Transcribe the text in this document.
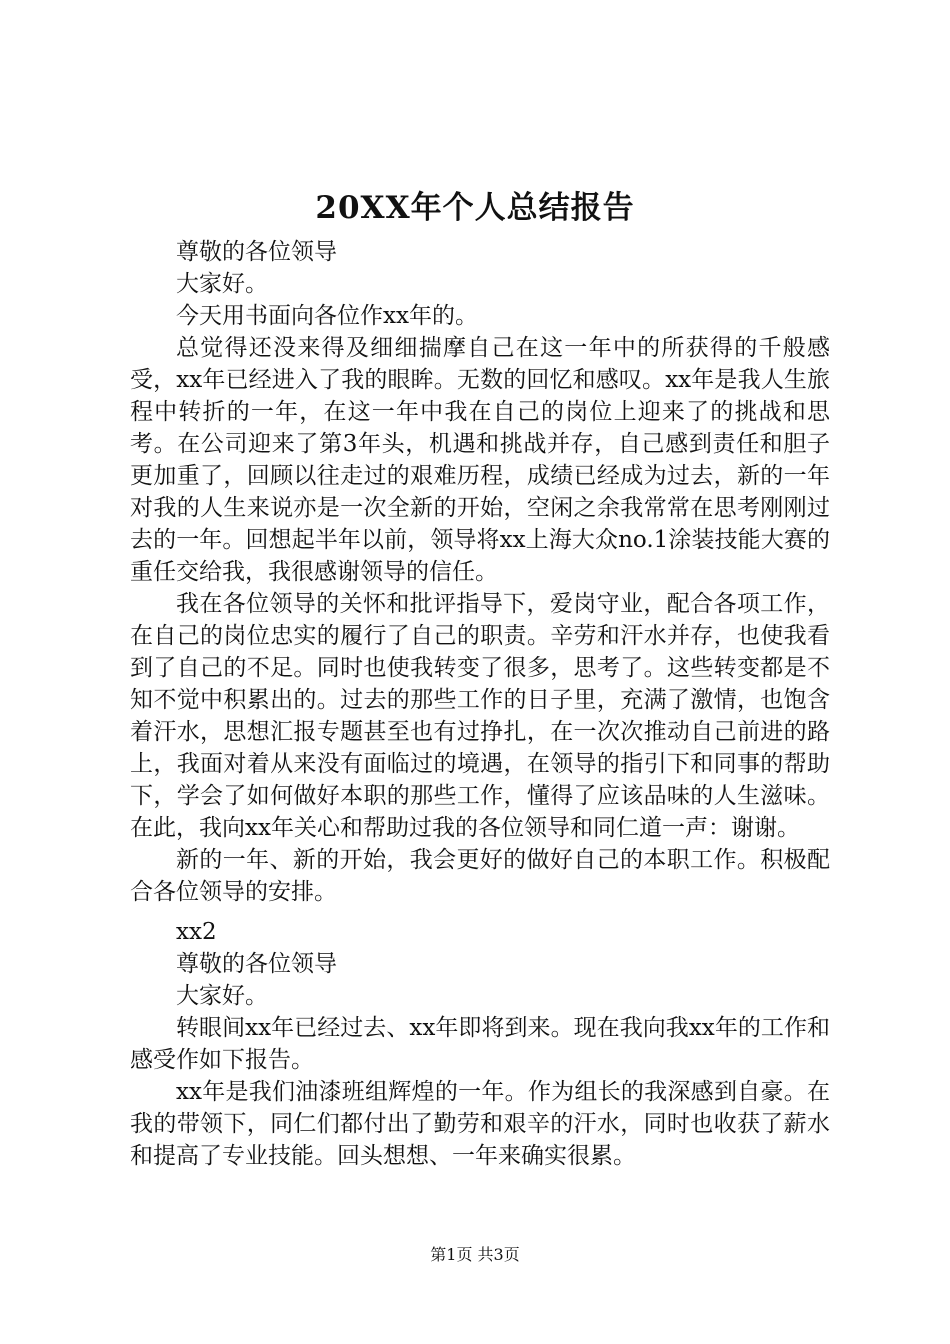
20XX年个人总结报告

尊敬的各位领导

大家好。

今天用书面向各位作xx年的。

总觉得还没来得及细细揣摩自己在这一年中的所获得的千般感受，xx年已经进入了我的眼眸。无数的回忆和感叹。xx年是我人生旅程中转折的一年，在这一年中我在自己的岗位上迎来了的挑战和思考。在公司迎来了第3年头，机遇和挑战并存，自己感到责任和胆子更加重了，回顾以往走过的艰难历程，成绩已经成为过去，新的一年对我的人生来说亦是一次全新的开始，空闲之余我常常在思考刚刚过去的一年。回想起半年以前，领导将xx上海大众no.1涂装技能大赛的重任交给我，我很感谢领导的信任。

我在各位领导的关怀和批评指导下，爱岗守业，配合各项工作，在自己的岗位忠实的履行了自己的职责。辛劳和汗水并存，也使我看到了自己的不足。同时也使我转变了很多，思考了。这些转变都是不知不觉中积累出的。过去的那些工作的日子里，充满了激情，也饱含着汗水，思想汇报专题甚至也有过挣扎，在一次次推动自己前进的路上，我面对着从来没有面临过的境遇，在领导的指引下和同事的帮助下，学会了如何做好本职的那些工作，懂得了应该品味的人生滋味。在此，我向xx年关心和帮助过我的各位领导和同仁道一声：谢谢。

新的一年、新的开始，我会更好的做好自己的本职工作。积极配合各位领导的安排。

xx2

尊敬的各位领导

大家好。

转眼间xx年已经过去、xx年即将到来。现在我向我xx年的工作和感受作如下报告。

xx年是我们油漆班组辉煌的一年。作为组长的我深感到自豪。在我的带领下，同仁们都付出了勤劳和艰辛的汗水，同时也收获了薪水和提高了专业技能。回头想想、一年来确实很累。

第1页 共3页
